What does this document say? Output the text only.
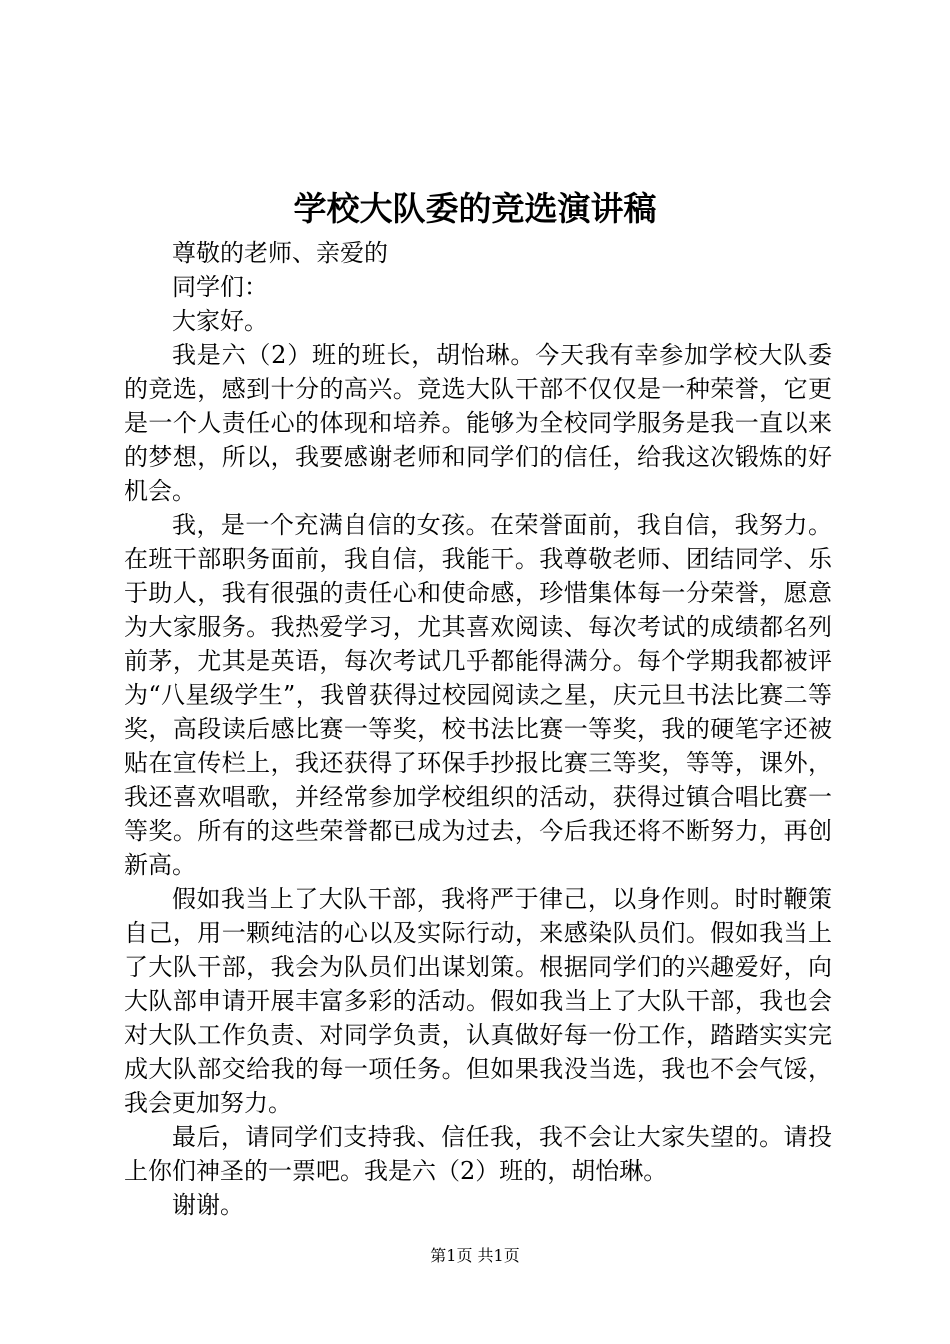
学校大队委的竞选演讲稿

尊敬的老师、亲爱的

同学们：

大家好。

我是六（2）班的班长，胡怡琳。今天我有幸参加学校大队委的竞选，感到十分的高兴。竞选大队干部不仅仅是一种荣誉，它更是一个人责任心的体现和培养。能够为全校同学服务是我一直以来的梦想，所以，我要感谢老师和同学们的信任，给我这次锻炼的好机会。

我，是一个充满自信的女孩。在荣誉面前，我自信，我努力。在班干部职务面前，我自信，我能干。我尊敬老师、团结同学、乐于助人，我有很强的责任心和使命感，珍惜集体每一分荣誉，愿意为大家服务。我热爱学习，尤其喜欢阅读、每次考试的成绩都名列前茅，尤其是英语，每次考试几乎都能得满分。每个学期我都被评为“八星级学生”，我曾获得过校园阅读之星，庆元旦书法比赛二等奖，高段读后感比赛一等奖，校书法比赛一等奖，我的硬笔字还被贴在宣传栏上，我还获得了环保手抄报比赛三等奖，等等，课外，我还喜欢唱歌，并经常参加学校组织的活动，获得过镇合唱比赛一等奖。所有的这些荣誉都已成为过去，今后我还将不断努力，再创新高。

假如我当上了大队干部，我将严于律己，以身作则。时时鞭策自己，用一颗纯洁的心以及实际行动，来感染队员们。假如我当上了大队干部，我会为队员们出谋划策。根据同学们的兴趣爱好，向大队部申请开展丰富多彩的活动。假如我当上了大队干部，我也会对大队工作负责、对同学负责，认真做好每一份工作，踏踏实实完成大队部交给我的每一项任务。但如果我没当选，我也不会气馁，我会更加努力。

最后，请同学们支持我、信任我，我不会让大家失望的。请投上你们神圣的一票吧。我是六（2）班的，胡怡琳。

谢谢。

第1页 共1页
